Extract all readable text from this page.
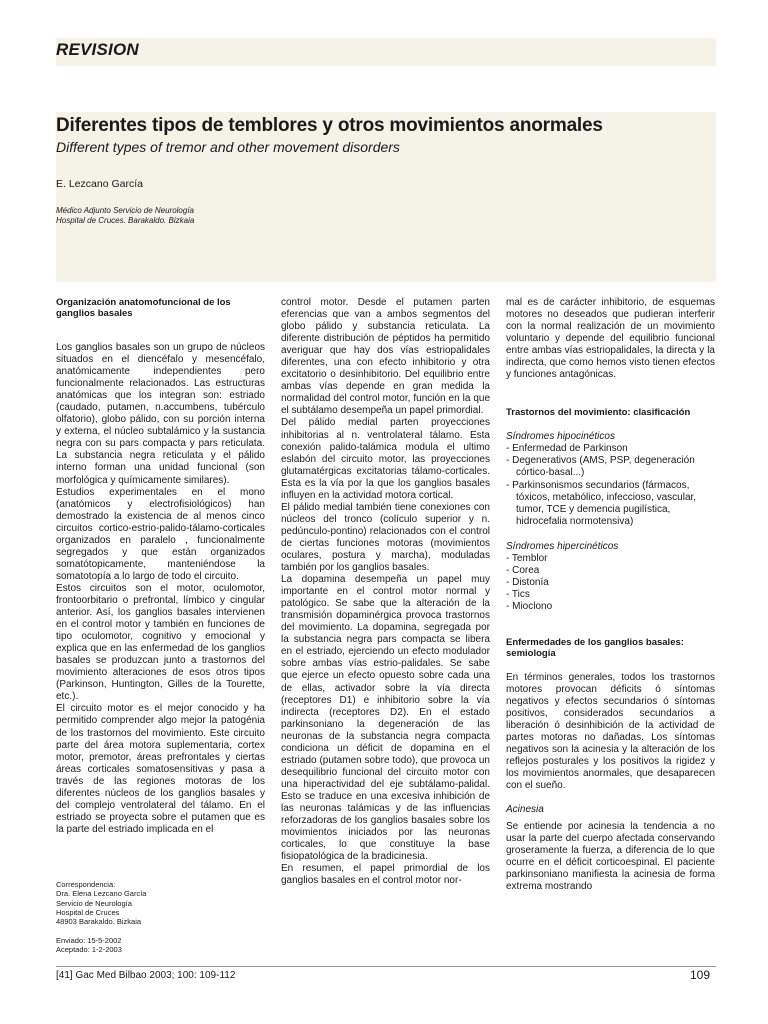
REVISION
Diferentes tipos de temblores y otros movimientos anormales
Different types of tremor and other movement disorders
E. Lezcano García
Médico Adjunto Servicio de Neurología
Hospital de Cruces. Barakaldo. Bizkaia
Organización anatomofuncional de los ganglios basales

Los ganglios basales son un grupo de núcleos situados en el diencéfalo y mesencéfalo, anatómicamente independientes pero funcionalmente relacionados. Las estructuras anatómicas que los integran son: estriado (caudado, putamen, n.accumbens, tubérculo olfatorio), globo pálido, con su porción interna y externa, el núcleo subtalámico y la sustancia negra con su pars compacta y pars reticulata. La substancia negra reticulata y el pálido interno forman una unidad funcional (son morfológica y químicamente similares).

Estudios experimentales en el mono (anatómicos y electrofisiológicos) han demostrado la existencia de al menos cinco circuitos cortico-estrio-palido-tálamo-corticales organizados en paralelo , funcionalmente segregados y que están organizados somatótopicamente, manteniéndose la somatotopía a lo largo de todo el circuito.

Estos circuitos son el motor, oculomotor, frontoorbitario o prefrontal, límbico y cingular anterior. Así, los ganglios basales intervienen en el control motor y también en funciones de tipo oculomotor, cognitivo y emocional y explica que en las enfermedad de los ganglios basales se produzcan junto a trastornos del movimiento alteraciones de esos otros tipos (Parkinson, Huntington, Gilles de la Tourette, etc.).

El circuito motor es el mejor conocido y ha permitido comprender algo mejor la patogénia de los trastornos del movimiento. Este circuito parte del área motora suplementaria, cortex motor, premotor, áreas prefrontales y ciertas áreas corticales somatosensitivas y pasa a través de las regiones motoras de los diferentes núcleos de los ganglios basales y del complejo ventrolateral del tálamo. En el estriado se proyecta sobre el putamen que es la parte del estriado implicada en el

Correspondencia:
Dra. Elena Lezcano García
Servicio de Neurología
Hospital de Cruces
48903 Barakaldo. Bizkaia
Enviado: 15-5-2002
Aceptado: 1-2-2003

control motor. Desde el putamen parten eferencias que van a ambos segmentos del globo pálido y substancia reticulata. La diferente distribución de péptidos ha permitido averiguar que hay dos vías estriopalidales diferentes, una con efecto inhibitorio y otra excitatorio o desinhibitorio. Del equilibrio entre ambas vías depende en gran medida la normalidad del control motor, función en la que el subtálamo desempeña un papel primordial.

Del pálido medial parten proyecciones inhibitorias al n. ventrolateral tálamo. Esta conexión palido-talámica modula el ultimo eslabón del circuito motor, las proyecciones glutamatérgicas excitatorias tálamo-corticales. Esta es la vía por la que los ganglios basales influyen en la actividad motora cortical.

El pálido medial también tiene conexiones con núcleos del tronco (colículo superior y n. pedúnculo-pontino) relacionados con el control de ciertas funciones motoras (movimientos oculares, postura y marcha), moduladas también por los ganglios basales.

La dopamina desempeña un papel muy importante en el control motor normal y patológico. Se sabe que la alteración de la transmisión dopaminérgica provoca trastornos del movimiento. La dopamina, segregada por la substancia negra pars compacta se libera en el estriado, ejerciendo un efecto modulador sobre ambas vías estrio-palidales. Se sabe que ejerce un efecto opuesto sobre cada una de ellas, activador sobre la vía directa (receptores D1) e inhibitorio sobre la vía indirecta (receptores D2). En el estado parkinsoniano la degeneración de las neuronas de la substancia negra compacta condiciona un déficit de dopamina en el estriado (putamen sobre todo), que provoca un desequilibrio funcional del circuito motor con una hiperactividad del eje subtálamo-palidal. Esto se traduce en una excesiva inhibición de las neuronas talámicas y de las influencias reforzadoras de los ganglios basales sobre los movimientos iniciados por las neuronas corticales, lo que constituye la base fisiopatológica de la bradicinesia.

En resumen, el papel primordial de los ganglios basales en el control motor nor-

mal es de carácter inhibitorio, de esquemas motores no deseados que pudieran interferir con la normal realización de un movimiento voluntario y depende del equilibrio funcional entre ambas vías estriopalidales, la directa y la indirecta, que como hemos visto tienen efectos y funciones antagónicas.

Trastornos del movimiento: clasificación
Síndromes hipocinéticos
- Enfermedad de Parkinson
- Degenerativos (AMS, PSP, degeneración córtico-basal...)
- Parkinsonismos secundarios (fármacos, tóxicos, metabólico, infeccioso, vascular, tumor, TCE y demencia pugilística, hidrocefalia normotensiva)
Síndromes hipercinéticos
- Temblor
- Corea
- Distonía
- Tics
- Mioclono
Enfermedades de los ganglios basales: semiología

En términos generales, todos los trastornos motores provocan déficits ó síntomas negativos y efectos secundarios ó síntomas positivos, considerados secundarios a liberación ó desinhibición de la actividad de partes motoras no dañadas. Los síntomas negativos son la acinesia y la alteración de los reflejos posturales y los positivos la rigidez y los movimientos anormales, que desaparecen con el sueño.

Acinesia

Se entiende por acinesia la tendencia a no usar la parte del cuerpo afectada conservando groseramente la fuerza, a diferencia de lo que ocurre en el déficit corticoespinal. El paciente parkinsoniano manifiesta la acinesia de forma extrema mostrando

[41] Gac Med Bilbao 2003; 100: 109-112	109
